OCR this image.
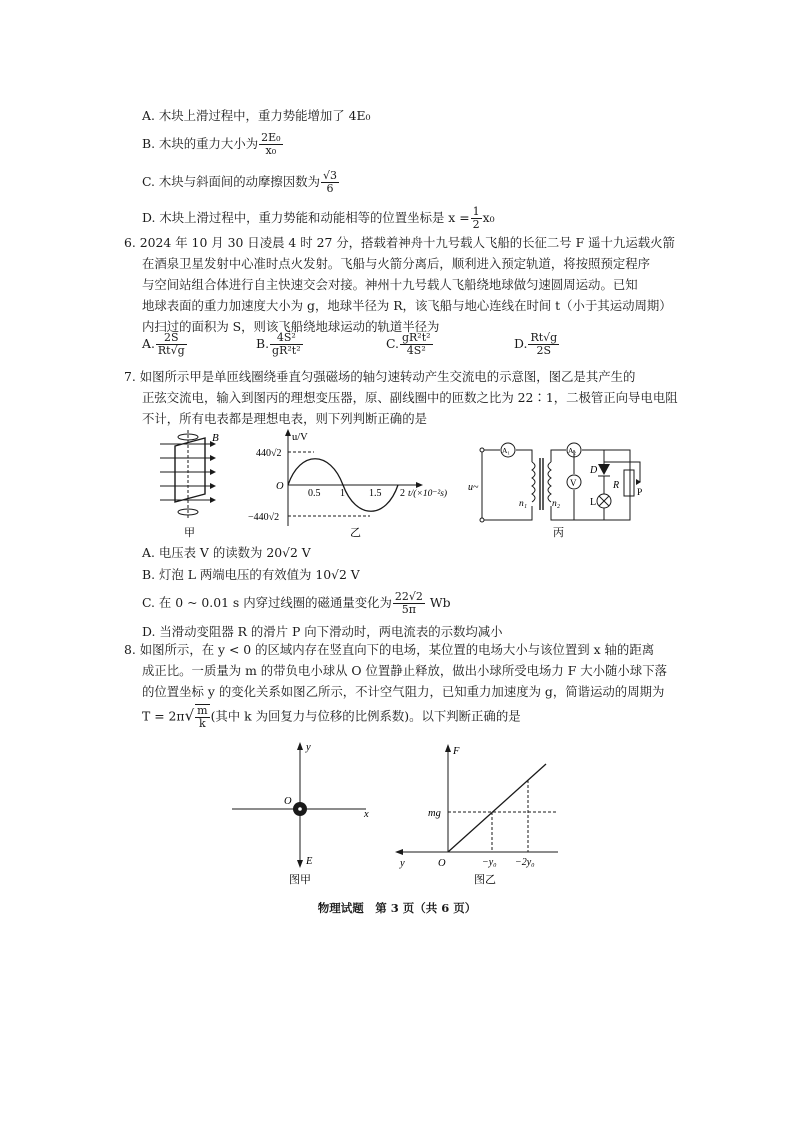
A. 木块上滑过程中，重力势能增加了 4E₀
B. 木块的重力大小为 $\frac{\text{2E₀}}{\text{x₀}}$
C. 木块与斜面间的动摩擦因数为 $\frac{√3}{6}$
D. 木块上滑过程中，重力势能和动能相等的位置坐标是 $x = \frac{1}{2} x_0$
6. 2024 年 10 月 30 日凌晨 4 时 27 分，搭载着神舟十九号载人飞船的长征二号 F 遥十九运载火箭
在酒泉卫星发射中心准时点火发射。飞船与火箭分离后，顺利进入预定轨道，将按照预定程序
与空间站组合体进行自主快速交会对接。神州十九号载人飞船绕地球做匀速圆周运动。已知
地球表面的重力加速度大小为 g，地球半径为 R，该飞船与地心连线在时间 t（小于其运动周期）
内扫过的面积为 S，则该飞船绕地球运动的轨道半径为
A. $\frac{2S}{Rt√g}$	B. $\frac{\text{4S²}}{\text{gR²t²}}$	C. $\frac{\text{gR²t²}}{\text{4S²}}$	D. $\frac{Rt√g}{2S}$
7. 如图所示甲是单匝线圈绕垂直匀强磁场的轴匀速转动产生交流电的示意图，图乙是其产生的
正弦交流电，输入到图丙的理想变压器，原、副线圈中的匝数之比为 22∶1，二极管正向导电电阻
不计，所有电表都是理想电表，则下列判断正确的是
B
甲
u/V
440√2
−440√2
O
0.5 1 1.5 2 t/(×10⁻²s)
乙
A₁	A₂
V
u~
n₁	n₂
D
L
R
P
丙
A. 电压表 V 的读数为 20√2 V
B. 灯泡 L 两端电压的有效值为 10√2 V
C. 在 0 ~ 0.01 s 内穿过线圈的磁通量变化为 $\frac{22√2}{5\pi}$ Wb
D. 当滑动变阻器 R 的滑片 P 向下滑动时，两电流表的示数均减小
8. 如图所示，在 y < 0 的区域内存在竖直向下的电场，某位置的电场大小与该位置到 x 轴的距离
成正比。一质量为 m 的带负电小球从 O 位置静止释放，做出小球所受电场力 F 大小随小球下落
的位置坐标 y 的变化关系如图乙所示，不计空气阻力，已知重力加速度为 g，简谐运动的周期为
$T = 2\pi√ \frac{m}{k}$ (其中 k 为回复力与位移的比例系数)。以下判断正确的是
y
x
O
E
图甲
F
mg
y	O	−y₀ −2y₀
图乙
物理试题　第 3 页（共 6 页）
